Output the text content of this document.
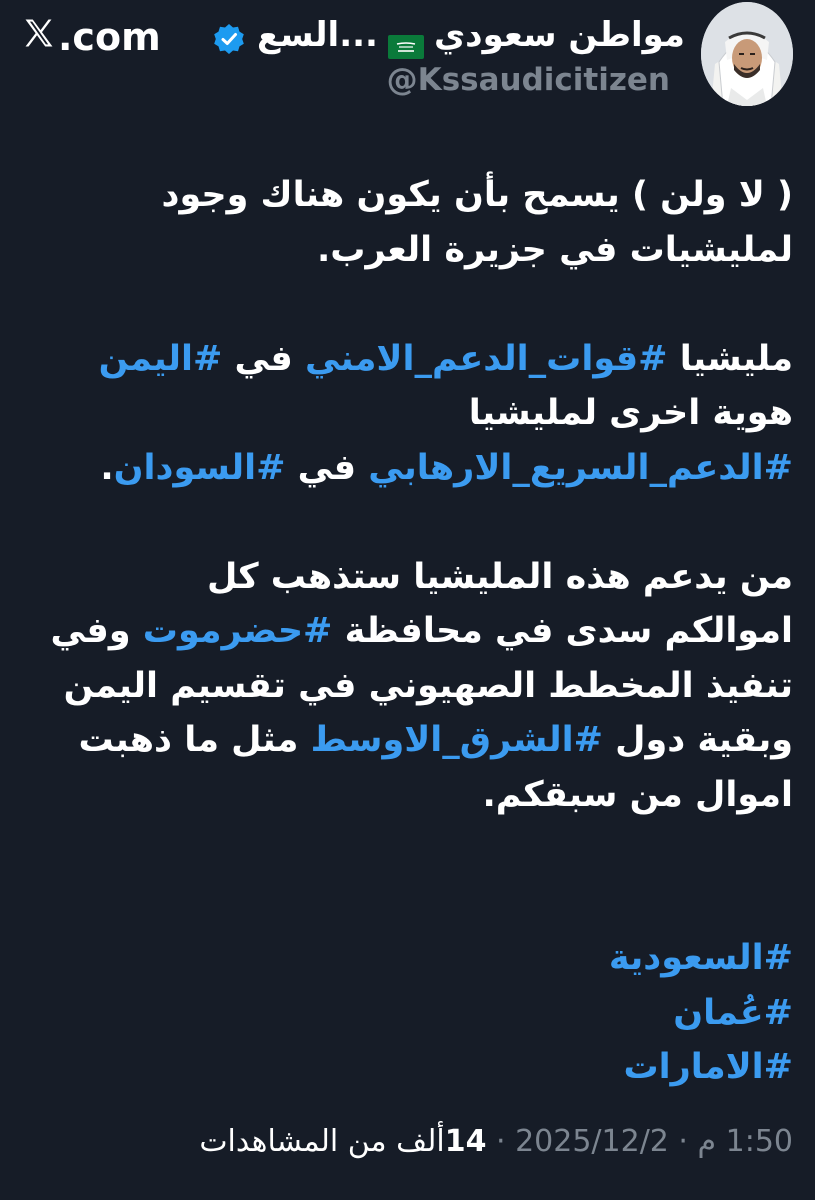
مواطن سعودي
السع...
@Kssaudicitizen
.com

( لا ولن ) يسمح بأن يكون هناك وجود
لمليشيات في جزيرة العرب.

مليشيا #قوات_الدعم_الامني في #اليمن
هوية اخرى لمليشيا
#الدعم_السريع_الارهابي في #السودان.

من يدعم هذه المليشيا ستذهب كل
اموالكم سدى في محافظة #حضرموت وفي
تنفيذ المخطط الصهيوني في تقسيم اليمن
وبقية دول #الشرق_الاوسط مثل ما ذهبت
اموال من سبقكم.

#السعودية
#عُمان
#الامارات

1:50 م · 2025/12/2 · 14ألف من المشاهدات
